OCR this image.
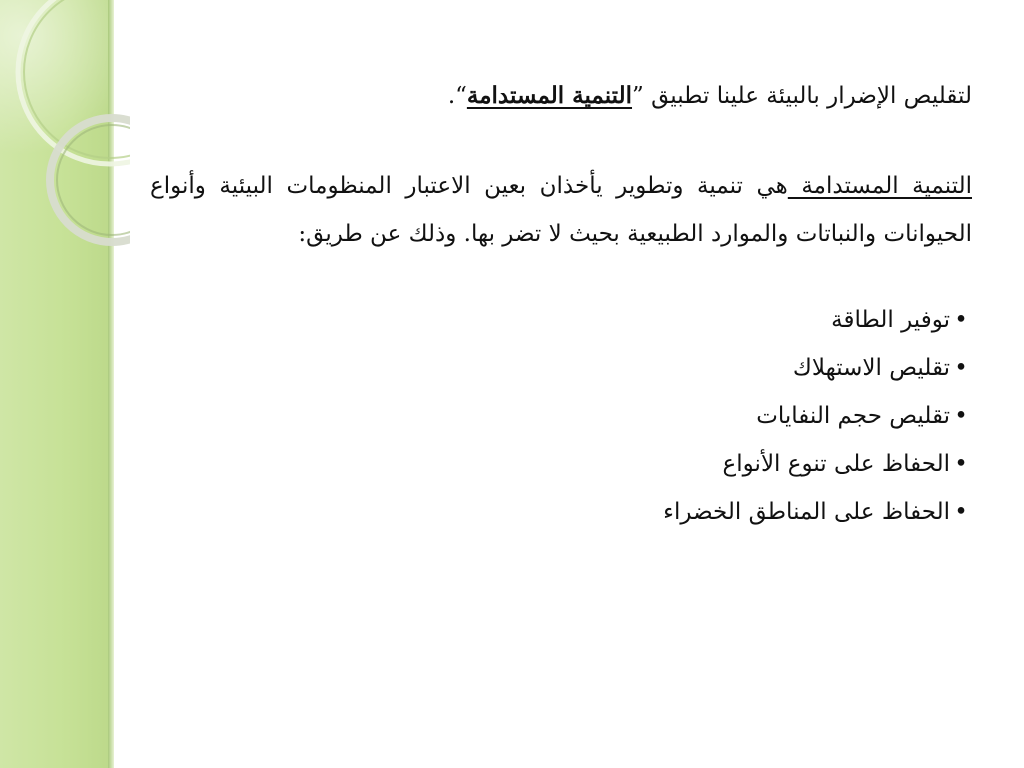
لتقليص الإضرار بالبيئة علينا تطبيق ”التنمية المستدامة“.

التنمية المستدامة هي تنمية وتطوير يأخذان بعين الاعتبار المنظومات البيئية وأنواع الحيوانات والنباتات والموارد الطبيعية بحيث لا تضر بها. وذلك عن طريق:

•توفير الطاقة
•تقليص الاستهلاك
•تقليص حجم النفايات
•الحفاظ على تنوع الأنواع
•الحفاظ على المناطق الخضراء
